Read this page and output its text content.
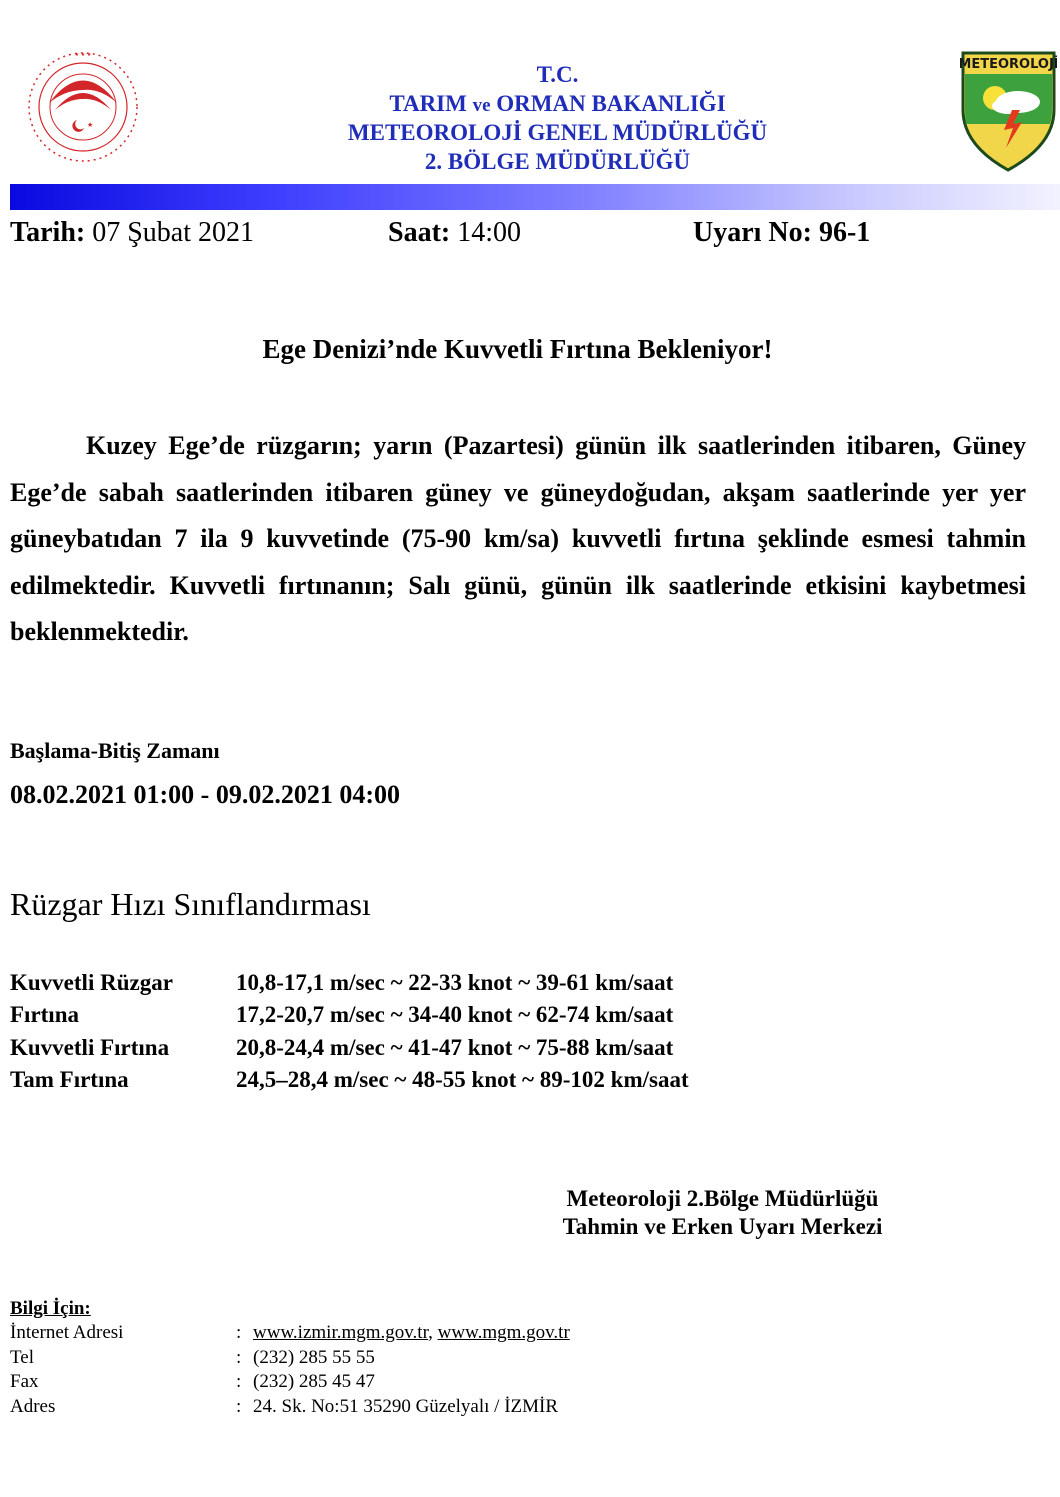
★
★ ★ ★
METEOROLOJİ
T.C.
TARIM ve ORMAN BAKANLIĞI
METEOROLOJİ GENEL MÜDÜRLÜĞÜ
2. BÖLGE MÜDÜRLÜĞÜ
Tarih: 07 Şubat 2021	Saat: 14:00	Uyarı No: 96-1
Ege Denizi’nde Kuvvetli Fırtına Bekleniyor!
Kuzey Ege’de rüzgarın; yarın (Pazartesi) günün ilk saatlerinden itibaren, Güney Ege’de sabah saatlerinden itibaren güney ve güneydoğudan, akşam saatlerinde yer yer güneybatıdan 7 ila 9 kuvvetinde (75-90 km/sa) kuvvetli fırtına şeklinde esmesi tahmin edilmektedir. Kuvvetli fırtınanın; Salı günü, günün ilk saatlerinde etkisini kaybetmesi beklenmektedir.
Başlama-Bitiş Zamanı
08.02.2021 01:00 - 09.02.2021 04:00
Rüzgar Hızı Sınıflandırması
Kuvvetli Rüzgar	10,8-17,1 m/sec ~ 22-33 knot ~ 39-61 km/saat
Fırtına	17,2-20,7 m/sec ~ 34-40 knot ~ 62-74 km/saat
Kuvvetli Fırtına	20,8-24,4 m/sec ~ 41-47 knot ~ 75-88 km/saat
Tam Fırtına	24,5–28,4 m/sec ~ 48-55 knot ~ 89-102 km/saat
Meteoroloji 2.Bölge Müdürlüğü
Tahmin ve Erken Uyarı Merkezi
Bilgi İçin:
İnternet Adresi	:	www.izmir.mgm.gov.tr, www.mgm.gov.tr
Tel	:	(232) 285 55 55
Fax	:	(232) 285 45 47
Adres	:	24. Sk. No:51 35290 Güzelyalı / İZMİR
